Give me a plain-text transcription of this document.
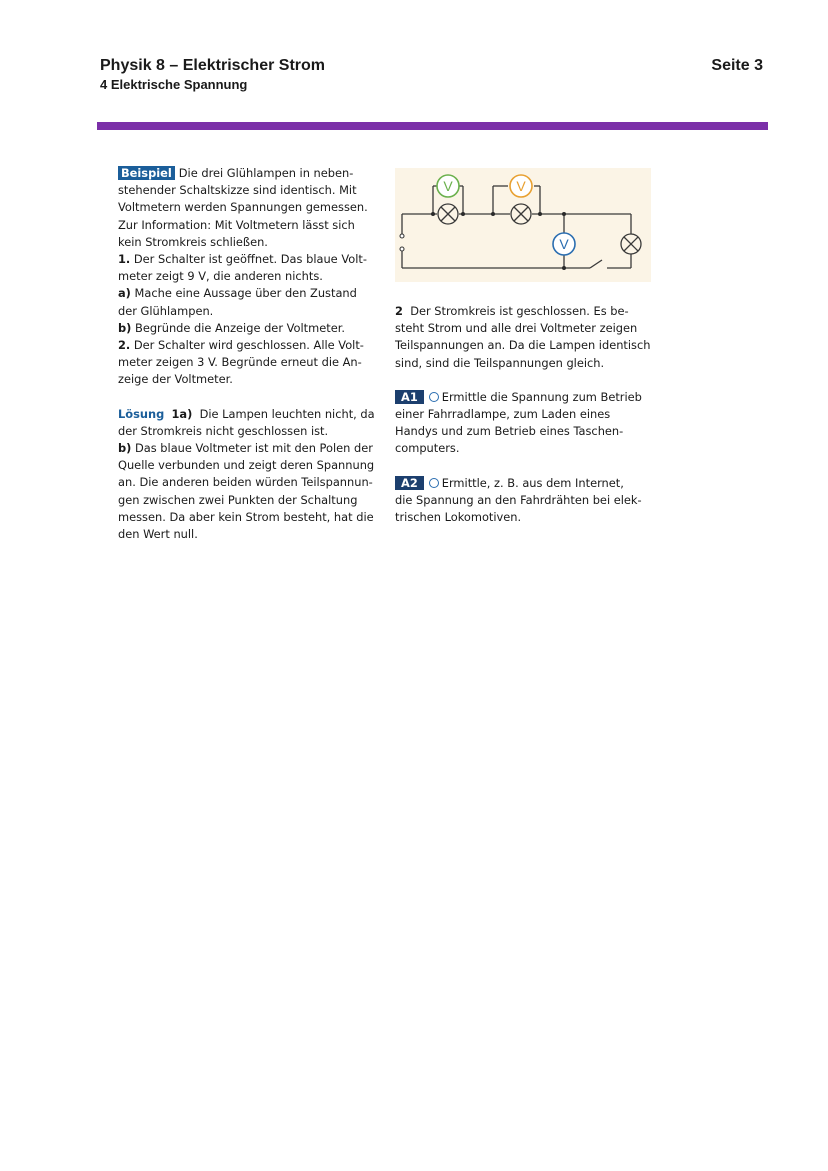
Physik 8 – Elektrischer Strom
4 Elektrische Spannung
Seite 3

Beispiel Die drei Glühlampen in neben-

stehender Schaltskizze sind identisch. Mit

Voltmetern werden Spannungen gemessen.

Zur Information: Mit Voltmetern lässt sich

kein Stromkreis schließen.

1. Der Schalter ist geöffnet. Das blaue Volt-

meter zeigt 9 V, die anderen nichts.

a) Mache eine Aussage über den Zustand

der Glühlampen.

b) Begründe die Anzeige der Voltmeter.

2. Der Schalter wird geschlossen. Alle Volt-

meter zeigen 3 V. Begründe erneut die An-

zeige der Voltmeter.

Lösung 1a) Die Lampen leuchten nicht, da

der Stromkreis nicht geschlossen ist.

b) Das blaue Voltmeter ist mit den Polen der

Quelle verbunden und zeigt deren Spannung

an. Die anderen beiden würden Teilspannun-

gen zwischen zwei Punkten der Schaltung

messen. Da aber kein Strom besteht, hat die

den Wert null.

V	V
V

2 Der Stromkreis ist geschlossen. Es be-

steht Strom und alle drei Voltmeter zeigen

Teilspannungen an. Da die Lampen identisch

sind, sind die Teilspannungen gleich.

A1 Ermittle die Spannung zum Betrieb

einer Fahrradlampe, zum Laden eines

Handys und zum Betrieb eines Taschen-

computers.

A2 Ermittle, z. B. aus dem Internet,

die Spannung an den Fahrdrähten bei elek-

trischen Lokomotiven.
